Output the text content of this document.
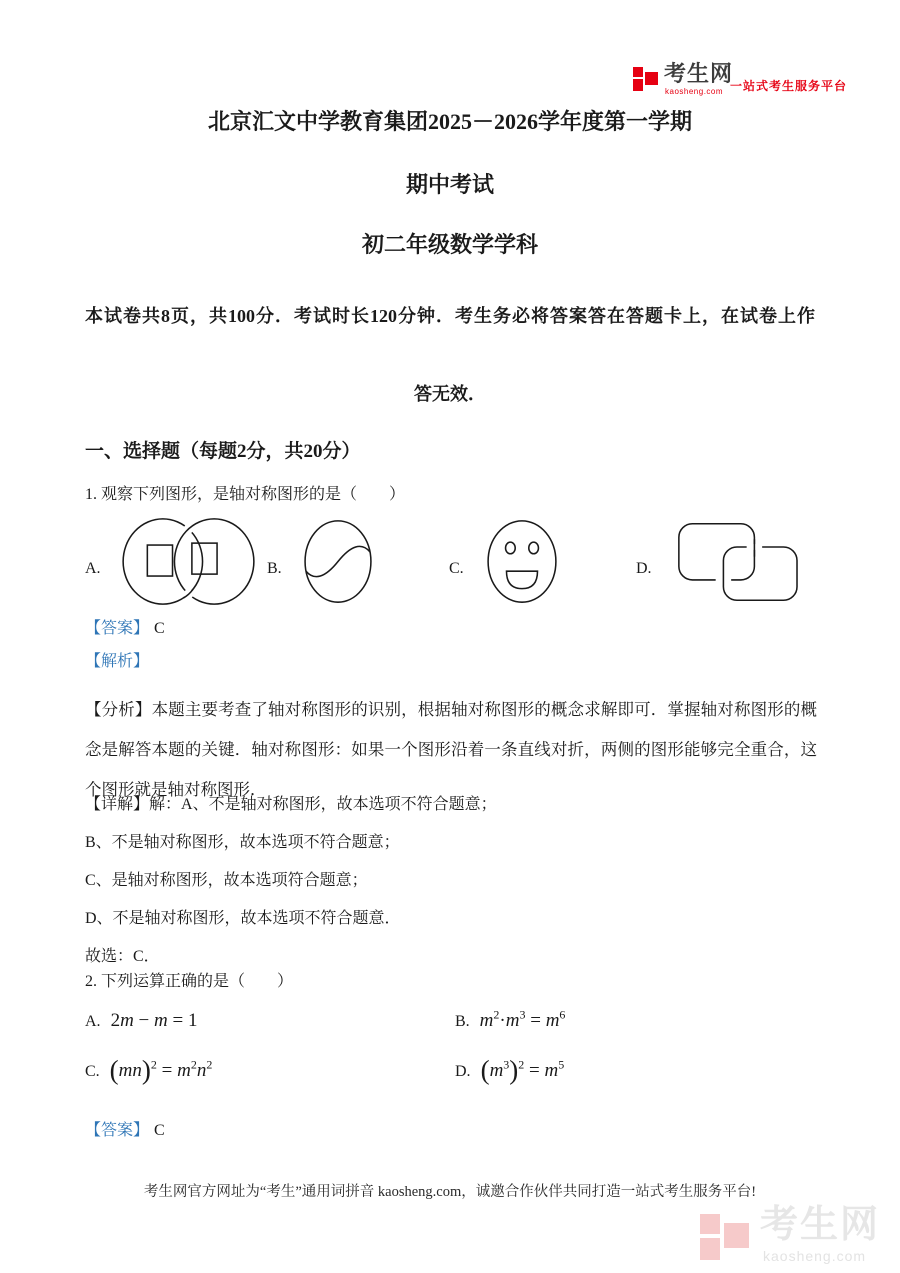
考生网
kaosheng.com 一站式考生服务平台
北京汇文中学教育集团2025－2026学年度第一学期
期中考试
初二年级数学学科
本试卷共8页，共100分．考试时长120分钟．考生务必将答案答在答题卡上，在试卷上作
答无效．
一、选择题（每题2分，共20分）
1. 观察下列图形，是轴对称图形的是（　　）
A.	B.	C.	D.
【答案】 C
【解析】
【分析】本题主要考查了轴对称图形的识别，根据轴对称图形的概念求解即可．掌握轴对称图形的概念是解答本题的关键．轴对称图形：如果一个图形沿着一条直线对折，两侧的图形能够完全重合，这个图形就是轴对称图形．
【详解】解：A、不是轴对称图形，故本选项不符合题意；
B、不是轴对称图形，故本选项不符合题意；
C、是轴对称图形，故本选项符合题意；
D、不是轴对称图形，故本选项不符合题意．
故选：C．
2. 下列运算正确的是（　　）
A. 2m − m = 1	B. $m^2\cdot m^3 = m^6$
C. $(mn)^2 = m^2n^2$	D. $(m^3)^2 = m^5$
【答案】 C
考生网官方网址为“考生”通用词拼音 kaosheng.com，诚邀合作伙伴共同打造一站式考生服务平台!
考生网
kaosheng.com
